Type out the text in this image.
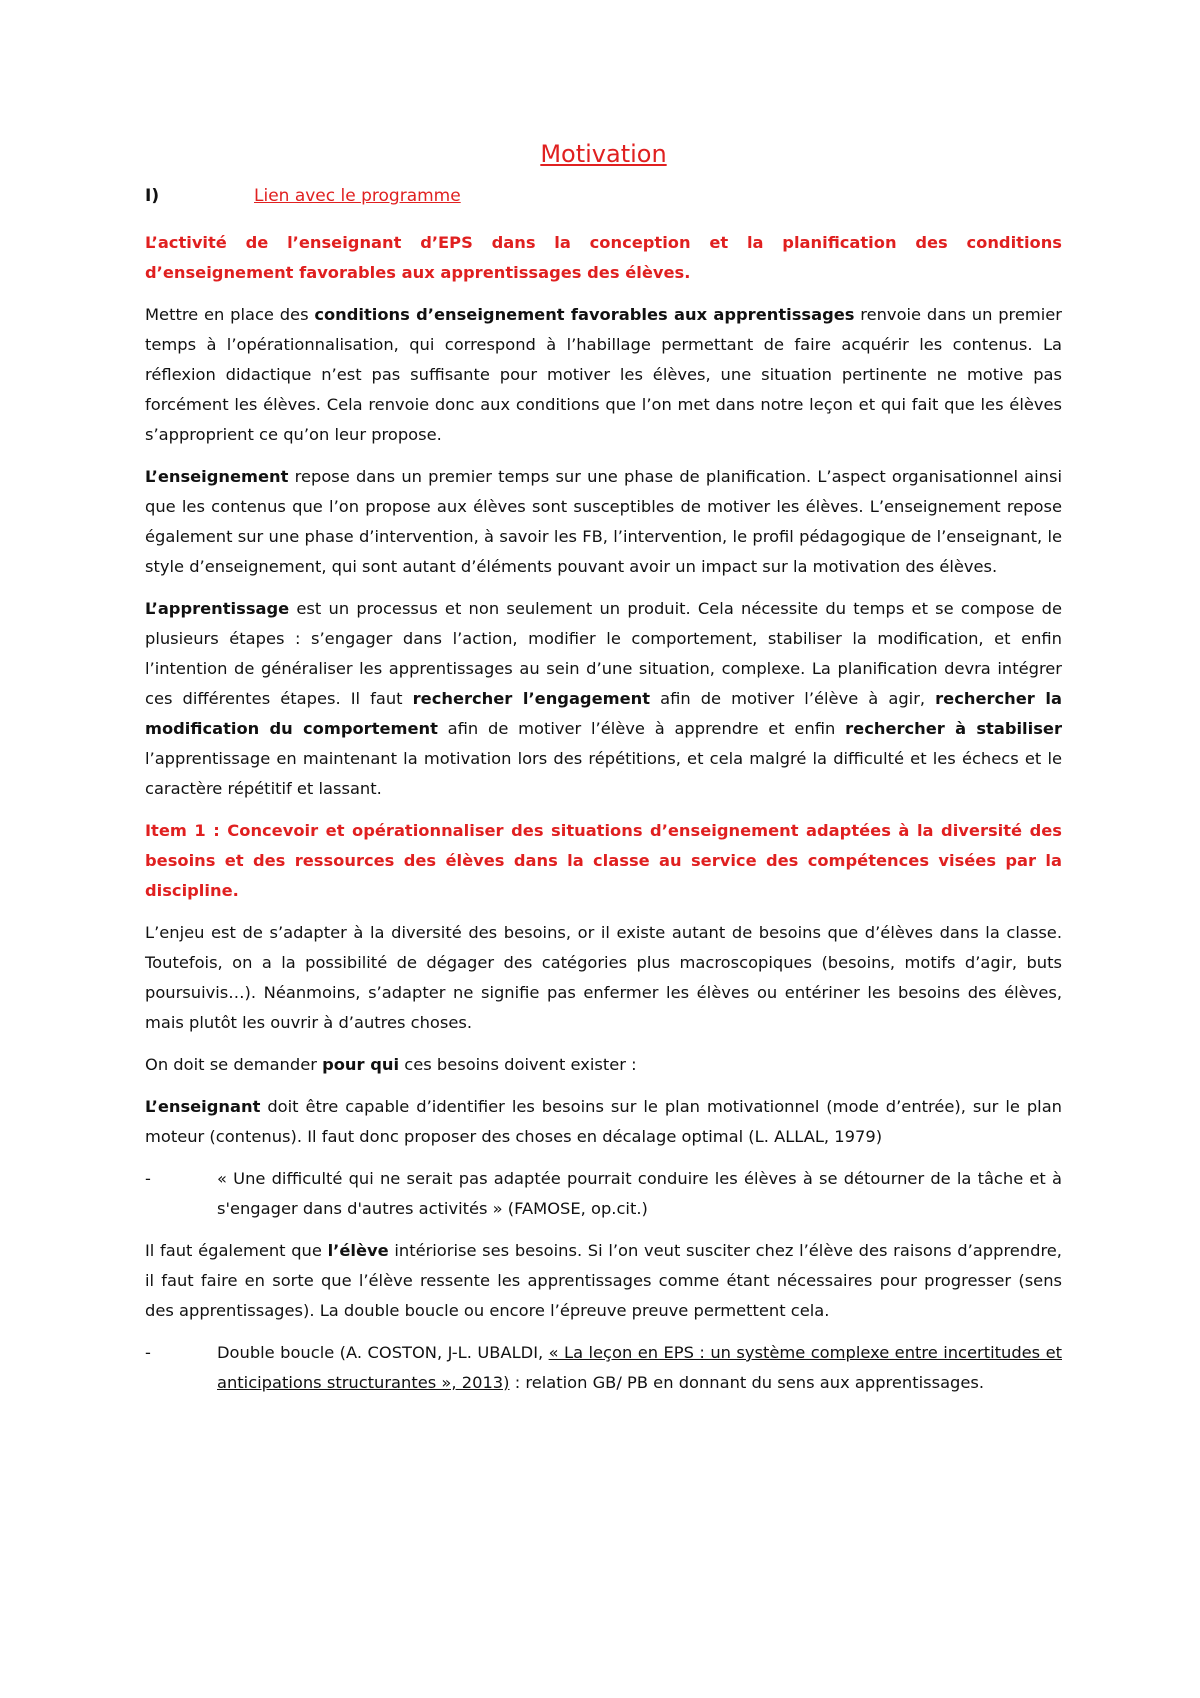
Motivation
I)	Lien avec le programme

L’activité de l’enseignant d’EPS dans la conception et la planification des conditions d’enseignement favorables aux apprentissages des élèves.

Mettre en place des conditions d’enseignement favorables aux apprentissages renvoie dans un premier temps à l’opérationnalisation, qui correspond à l’habillage permettant de faire acquérir les contenus. La réflexion didactique n’est pas suffisante pour motiver les élèves, une situation pertinente ne motive pas forcément les élèves. Cela renvoie donc aux conditions que l’on met dans notre leçon et qui fait que les élèves s’approprient ce qu’on leur propose.

L’enseignement repose dans un premier temps sur une phase de planification. L’aspect organisationnel ainsi que les contenus que l’on propose aux élèves sont susceptibles de motiver les élèves. L’enseignement repose également sur une phase d’intervention, à savoir les FB, l’intervention, le profil pédagogique de l’enseignant, le style d’enseignement, qui sont autant d’éléments pouvant avoir un impact sur la motivation des élèves.

L’apprentissage est un processus et non seulement un produit. Cela nécessite du temps et se compose de plusieurs étapes : s’engager dans l’action, modifier le comportement, stabiliser la modification, et enfin l’intention de généraliser les apprentissages au sein d’une situation, complexe. La planification devra intégrer ces différentes étapes. Il faut rechercher l’engagement afin de motiver l’élève à agir, rechercher la modification du comportement afin de motiver l’élève à apprendre et enfin rechercher à stabiliser l’apprentissage en maintenant la motivation lors des répétitions, et cela malgré la difficulté et les échecs et le caractère répétitif et lassant.

Item 1 : Concevoir et opérationnaliser des situations d’enseignement adaptées à la diversité des besoins et des ressources des élèves dans la classe au service des compétences visées par la discipline.

L’enjeu est de s’adapter à la diversité des besoins, or il existe autant de besoins que d’élèves dans la classe. Toutefois, on a la possibilité de dégager des catégories plus macroscopiques (besoins, motifs d’agir, buts poursuivis…). Néanmoins, s’adapter ne signifie pas enfermer les élèves ou entériner les besoins des élèves, mais plutôt les ouvrir à d’autres choses.

On doit se demander pour qui ces besoins doivent exister :

L’enseignant doit être capable d’identifier les besoins sur le plan motivationnel (mode d’entrée), sur le plan moteur (contenus). Il faut donc proposer des choses en décalage optimal (L. ALLAL, 1979)

-	« Une difficulté qui ne serait pas adaptée pourrait conduire les élèves à se détourner de la tâche et à s'engager dans d'autres activités » (FAMOSE, op.cit.)

Il faut également que l’élève intériorise ses besoins. Si l’on veut susciter chez l’élève des raisons d’apprendre, il faut faire en sorte que l’élève ressente les apprentissages comme étant nécessaires pour progresser (sens des apprentissages). La double boucle ou encore l’épreuve preuve permettent cela.

-	Double boucle (A. COSTON, J-L. UBALDI, « La leçon en EPS : un système complexe entre incertitudes et anticipations structurantes », 2013) : relation GB/ PB en donnant du sens aux apprentissages.
